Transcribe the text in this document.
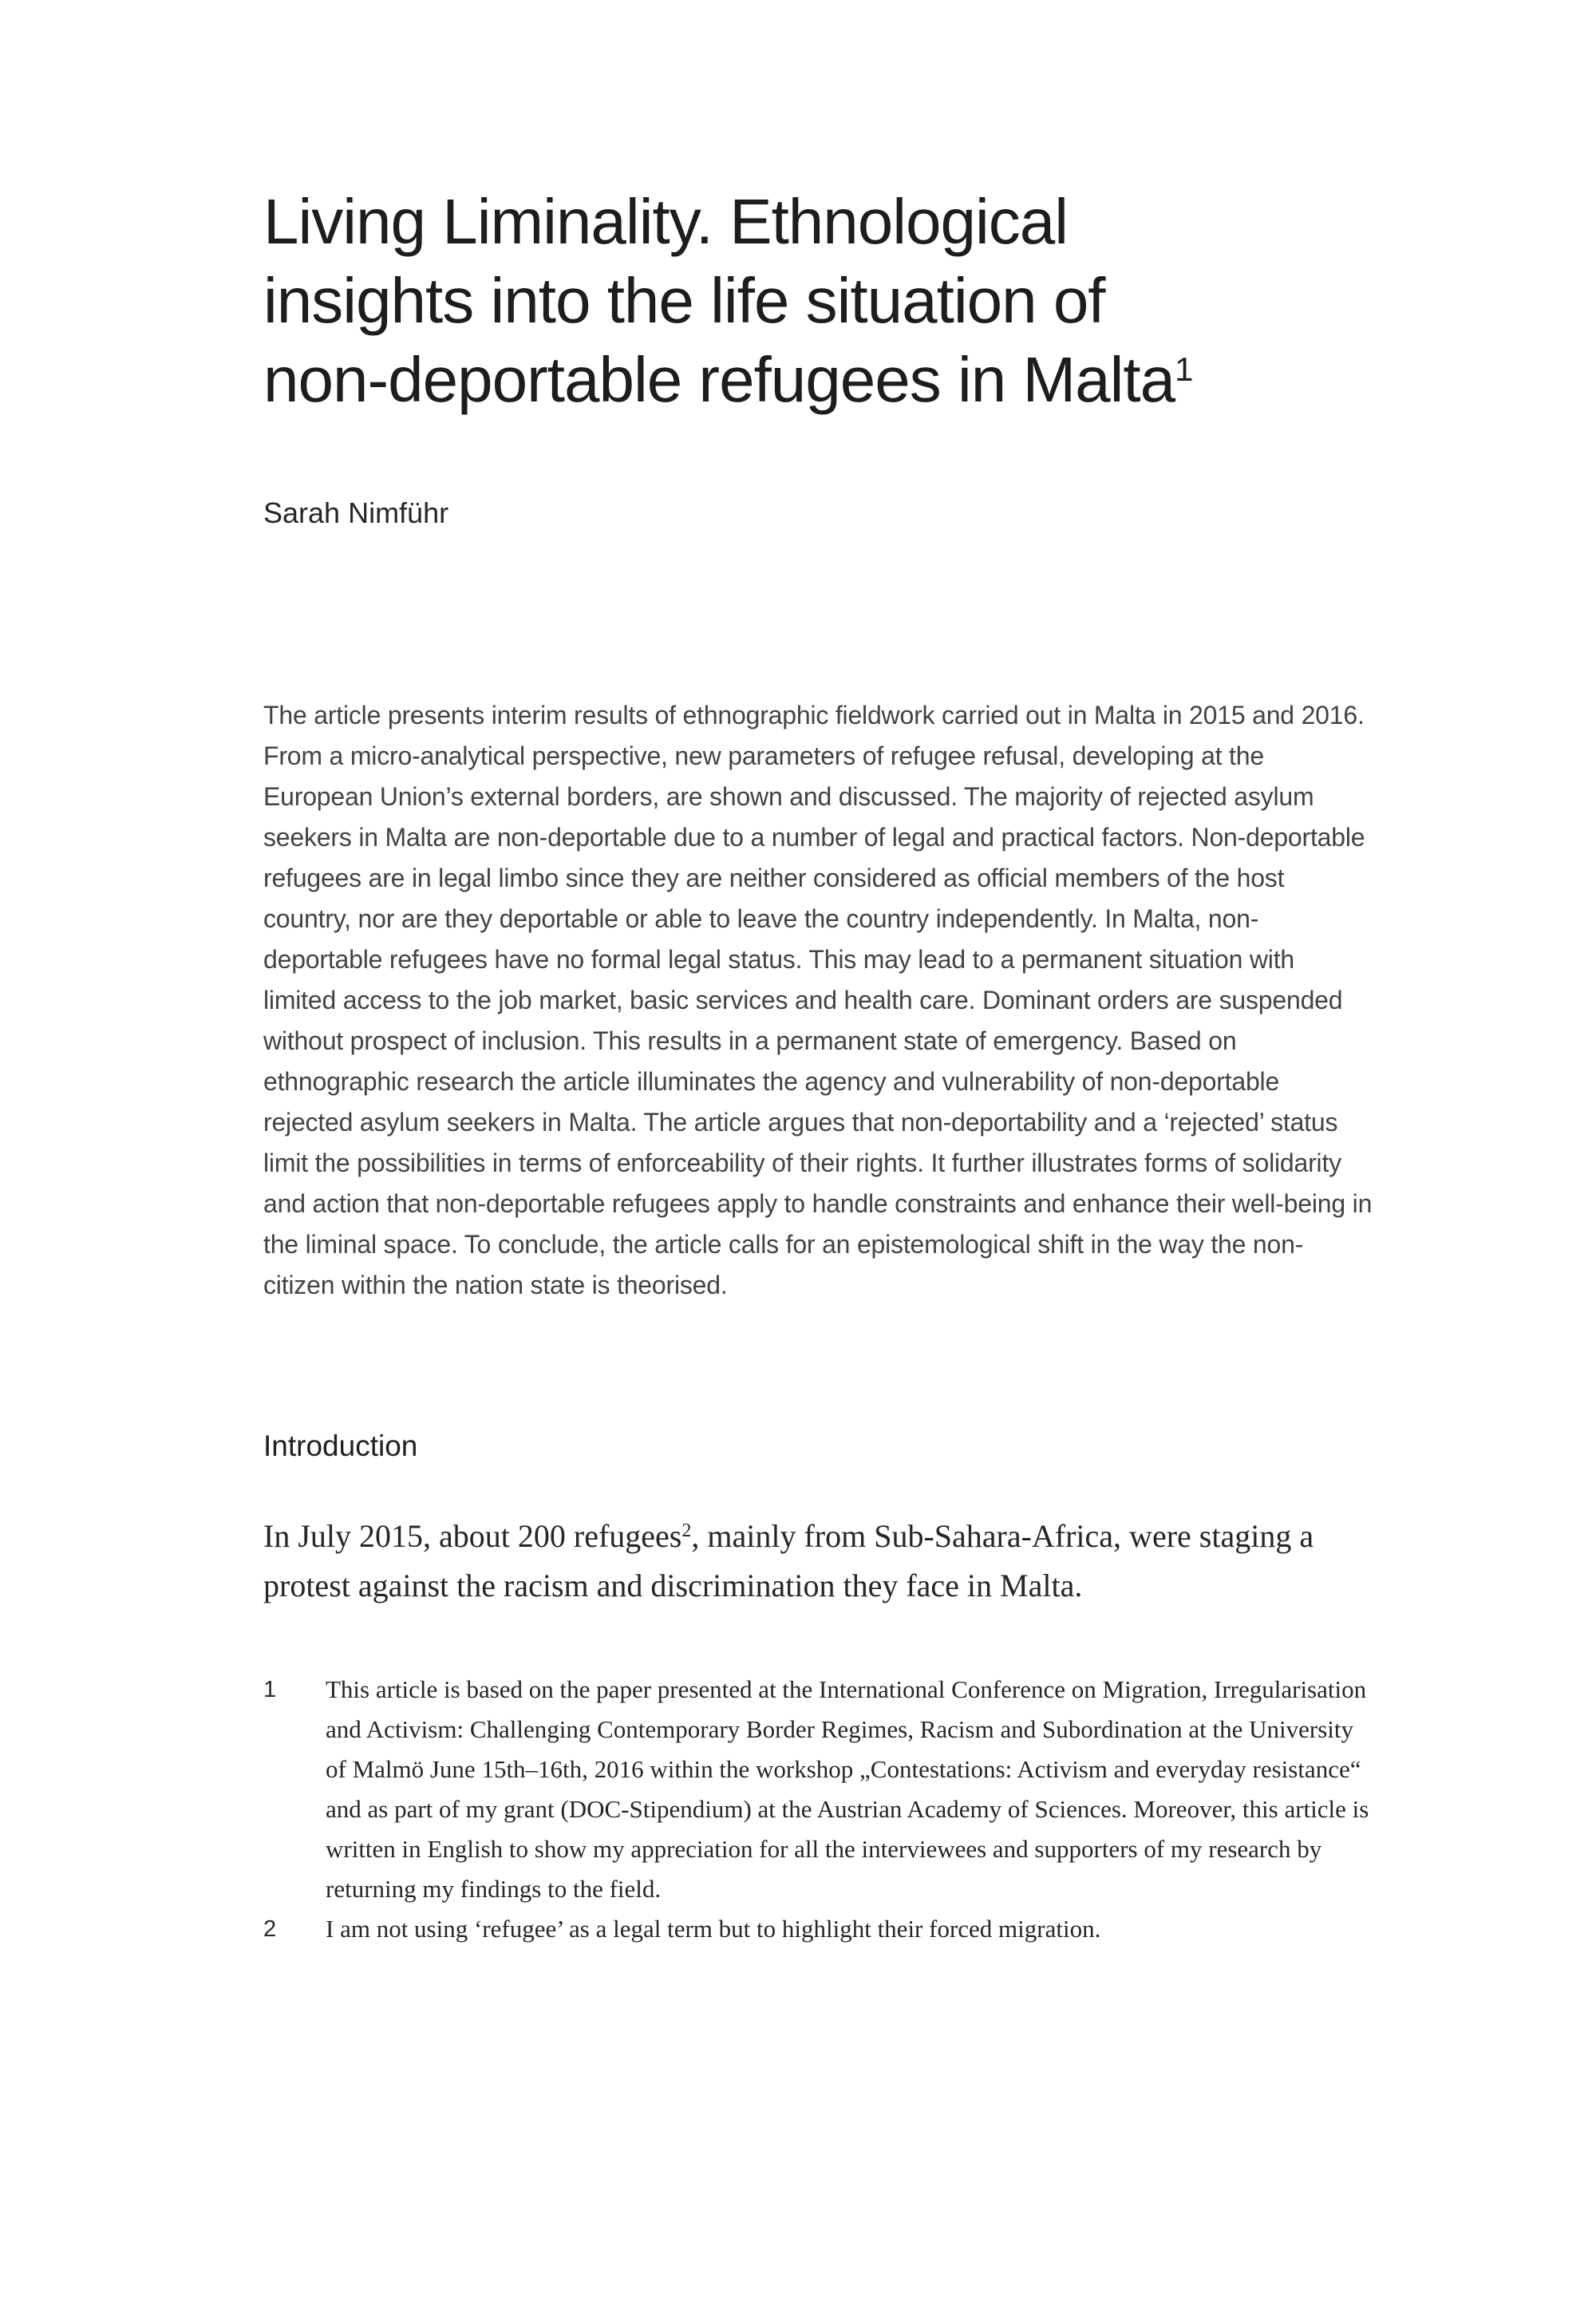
Living Liminality. Ethnological
insights into the life situation of
non-deportable refugees in Malta$^1$
Sarah Nimführ

The article presents interim results of ethnographic fieldwork carried out in Malta in 2015 and 2016. From a micro-analytical perspective, new parameters of refugee refusal, developing at the European Union’s external borders, are shown and discussed. The majority of rejected asylum seekers in Malta are non-deportable due to a number of legal and practical factors. Non-deportable refugees are in legal limbo since they are neither considered as official members of the host country, nor are they deportable or able to leave the country independently. In Malta, non-deportable refugees have no formal legal status. This may lead to a permanent situation with limited access to the job market, basic services and health care. Dominant orders are suspended without prospect of inclusion. This results in a permanent state of emergency. Based on ethnographic research the article illuminates the agency and vulnerability of non-deportable rejected asylum seekers in Malta. The article argues that non-deportability and a ‘rejected’ status limit the possibilities in terms of enforceability of their rights. It further illustrates forms of solidarity and action that non-deportable refugees apply to handle constraints and enhance their well-being in the liminal space. To conclude, the article calls for an epistemological shift in the way the non-citizen within the nation state is theorised.

Introduction

In July 2015, about 200 refugees$^2$, mainly from Sub-Sahara-Africa, were staging a protest against the racism and discrimination they face in Malta.

1	This article is based on the paper presented at the International Conference on Migration, Irregularisation and Activism: Challenging Contemporary Border Regimes, Racism and Subordination at the University of Malmö June 15th–16th, 2016 within the workshop „Contestations: Activism and everyday resistance“ and as part of my grant (DOC-Stipendium) at the Austrian Academy of Sciences. Moreover, this article is written in English to show my appreciation for all the interviewees and supporters of my research by returning my findings to the field.
2	I am not using ‘refugee’ as a legal term but to highlight their forced migration.
